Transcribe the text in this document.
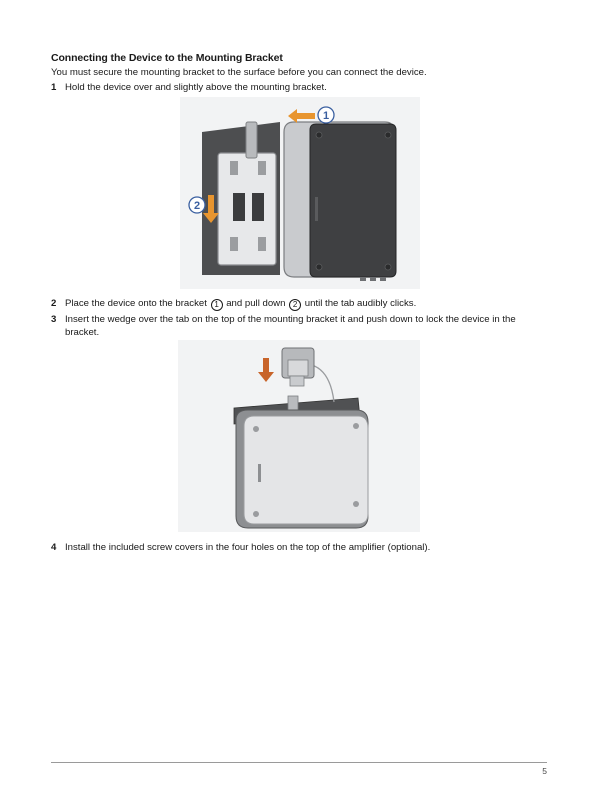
Connecting the Device to the Mounting Bracket
You must secure the mounting bracket to the surface before you can connect the device.
1 Hold the device over and slightly above the mounting bracket.
1
2
2 Place the device onto the bracket 1 and pull down 2 until the tab audibly clicks.
3 Insert the wedge over the tab on the top of the mounting bracket it and push down to lock the device in the bracket.
4 Install the included screw covers in the four holes on the top of the amplifier (optional).
5
